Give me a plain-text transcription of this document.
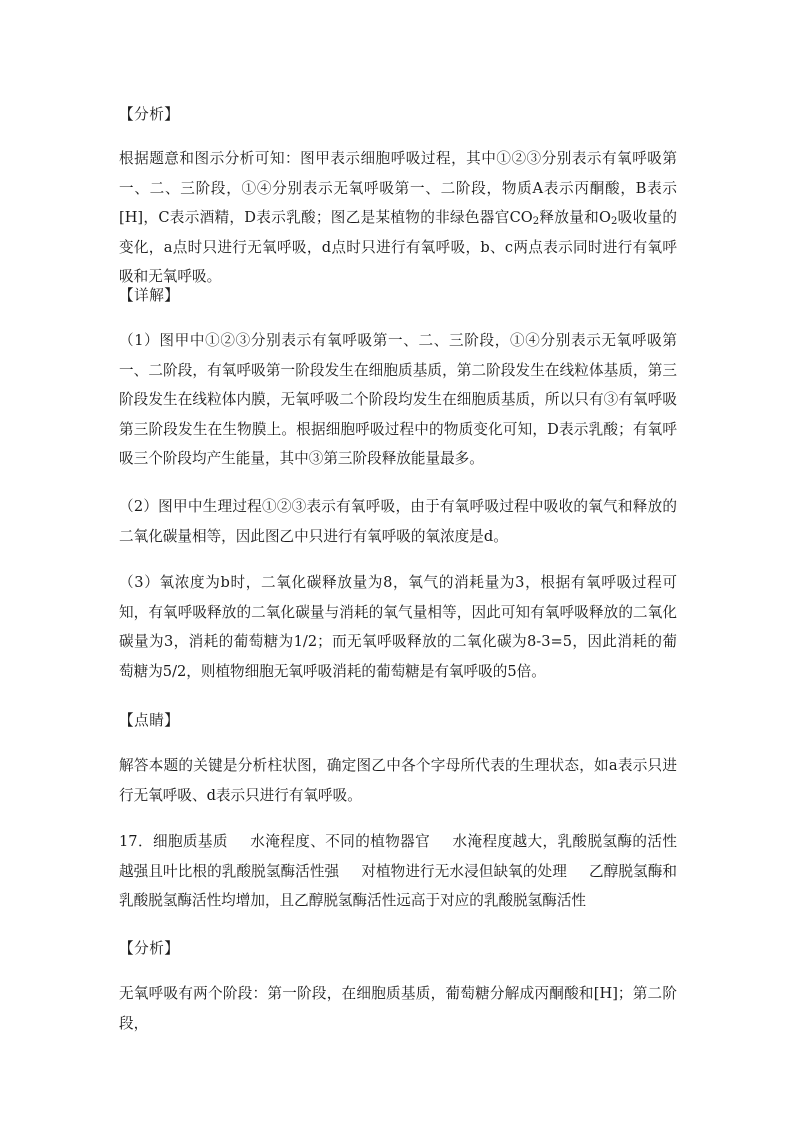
【分析】

根据题意和图示分析可知：图甲表示细胞呼吸过程，其中①②③分别表示有氧呼吸第一、二、三阶段，①④分别表示无氧呼吸第一、二阶段，物质A表示丙酮酸，B表示[H]，C表示酒精，D表示乳酸；图乙是某植物的非绿色器官$CO_2$释放量和$O_2$吸收量的变化，a点时只进行无氧呼吸，d点时只进行有氧呼吸，b、c两点表示同时进行有氧呼吸和无氧呼吸。

【详解】

（1）图甲中①②③分别表示有氧呼吸第一、二、三阶段，①④分别表示无氧呼吸第一、二阶段，有氧呼吸第一阶段发生在细胞质基质，第二阶段发生在线粒体基质，第三阶段发生在线粒体内膜，无氧呼吸二个阶段均发生在细胞质基质，所以只有③有氧呼吸第三阶段发生在生物膜上。根据细胞呼吸过程中的物质变化可知，D表示乳酸；有氧呼吸三个阶段均产生能量，其中③第三阶段释放能量最多。

（2）图甲中生理过程①②③表示有氧呼吸，由于有氧呼吸过程中吸收的氧气和释放的二氧化碳量相等，因此图乙中只进行有氧呼吸的氧浓度是d。

（3）氧浓度为b时，二氧化碳释放量为8，氧气的消耗量为3，根据有氧呼吸过程可知，有氧呼吸释放的二氧化碳量与消耗的氧气量相等，因此可知有氧呼吸释放的二氧化碳量为3，消耗的葡萄糖为1/2；而无氧呼吸释放的二氧化碳为8-3=5，因此消耗的葡萄糖为5/2，则植物细胞无氧呼吸消耗的葡萄糖是有氧呼吸的5倍。

【点睛】

解答本题的关键是分析柱状图，确定图乙中各个字母所代表的生理状态，如a表示只进行无氧呼吸、d表示只进行有氧呼吸。

17．细胞质基质 水淹程度、不同的植物器官 水淹程度越大，乳酸脱氢酶的活性越强且叶比根的乳酸脱氢酶活性强 对植物进行无水浸但缺氧的处理 乙醇脱氢酶和乳酸脱氢酶活性均增加，且乙醇脱氢酶活性远高于对应的乳酸脱氢酶活性

【分析】

无氧呼吸有两个阶段：第一阶段，在细胞质基质，葡萄糖分解成丙酮酸和[H]；第二阶段，
